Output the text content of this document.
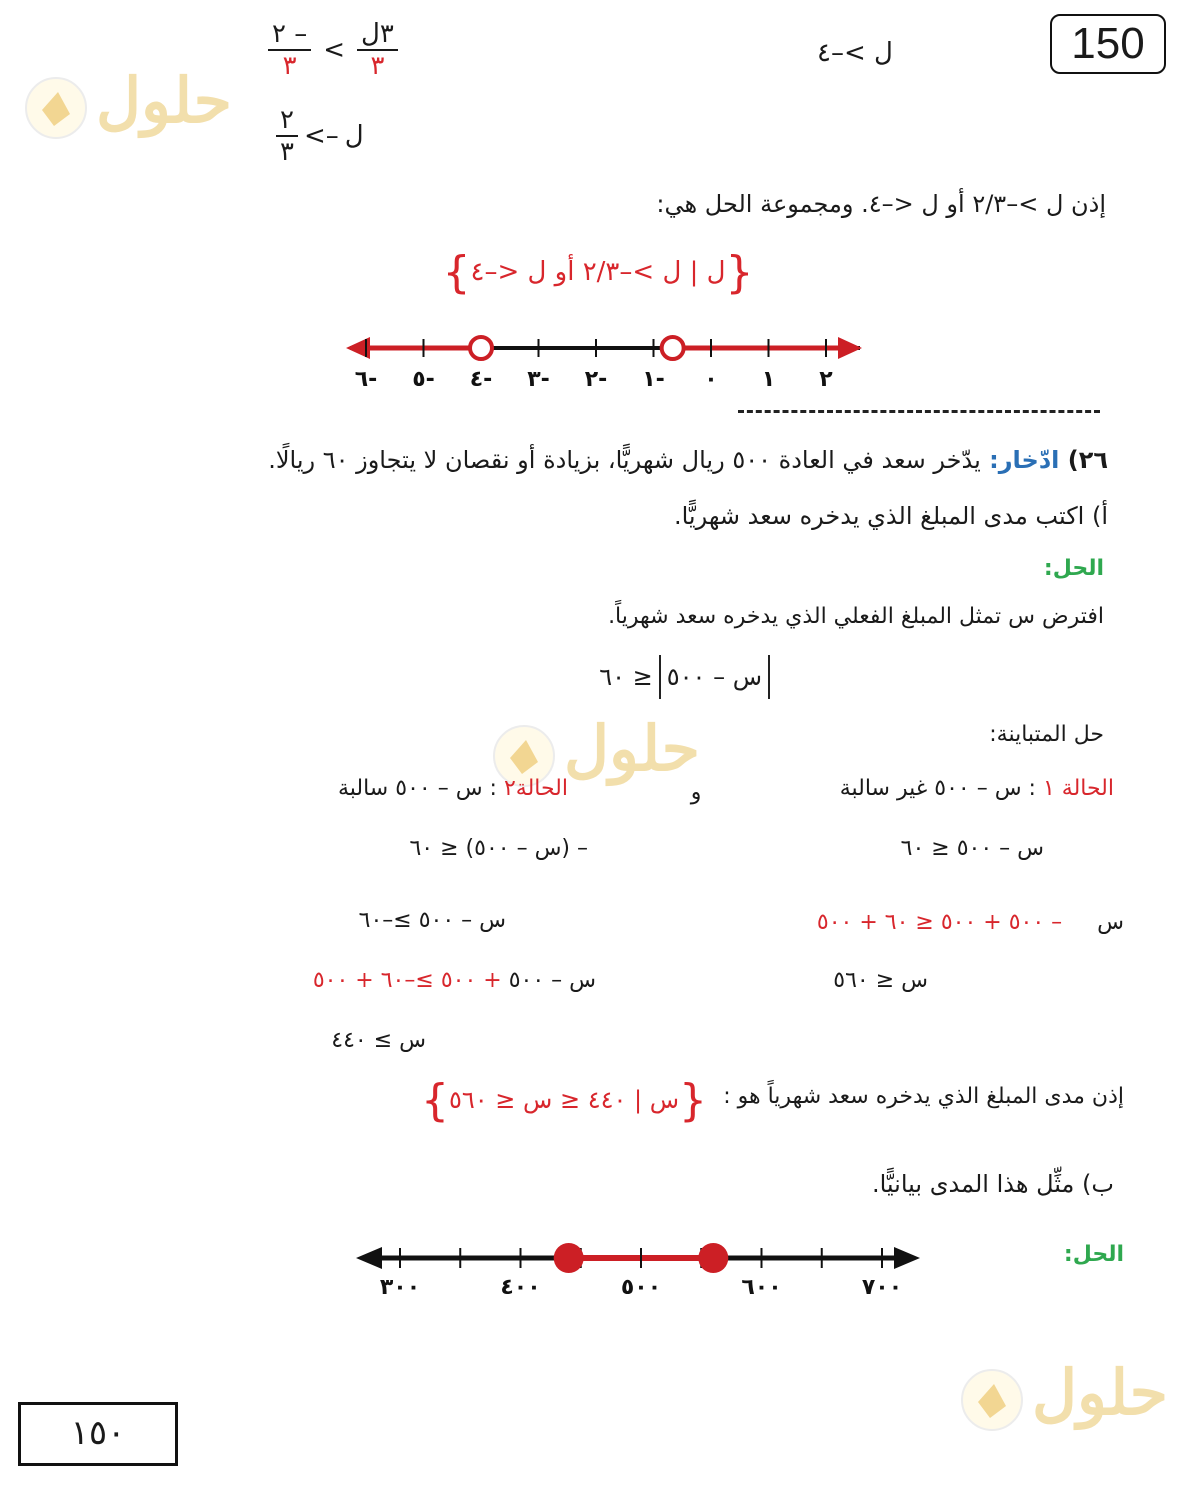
150
$\frac{٢ -}{٣} < \frac{\text{٣ل}}{٣}$
$\frac{٢}{٣}$ <– ل
ل >–٤
حلول
حلول
حلول
إذن ل >–٢/٣ أو ل <–٤. ومجموعة الحل هي:
{
ل | ل >–٢/٣ أو ل <–٤
}
٦- ٥- ٤- ٣- ٢- ١- ٠ ١ ٢
٢٦) ادّخار: يدّخر سعد في العادة ٥٠٠ ريال شهريًّا، بزيادة أو نقصان لا يتجاوز ٦٠ ريالًا.
أ) اكتب مدى المبلغ الذي يدخره سعد شهريًّا.
الحل:
افترض س تمثل المبلغ الفعلي الذي يدخره سعد شهرياً.
س – ٥٠٠
≤ ٦٠
حل المتباينة:
الحالة ١ : س – ٥٠٠ غير سالبة
و
الحالة٢ : س – ٥٠٠ سالبة
س – ٥٠٠ ≤ ٦٠
س     – ٥٠٠ + ٥٠٠ ≤ ٦٠ + ٥٠٠
س ≤ ٥٦٠
– (س – ٥٠٠) ≤ ٦٠
س – ٥٠٠ ≥–٦٠
س – ٥٠٠ + ٥٠٠ ≥–٦٠ + ٥٠٠
س ≥ ٤٤٠
إذن مدى المبلغ الذي يدخره سعد شهرياً هو :
{
س | ٤٤٠ ≤ س ≤ ٥٦٠
}
ب) مثِّل هذا المدى بيانيًّا.
الحل:
٣٠٠	٤٠٠	٥٠٠	٦٠٠	٧٠٠
١٥٠
